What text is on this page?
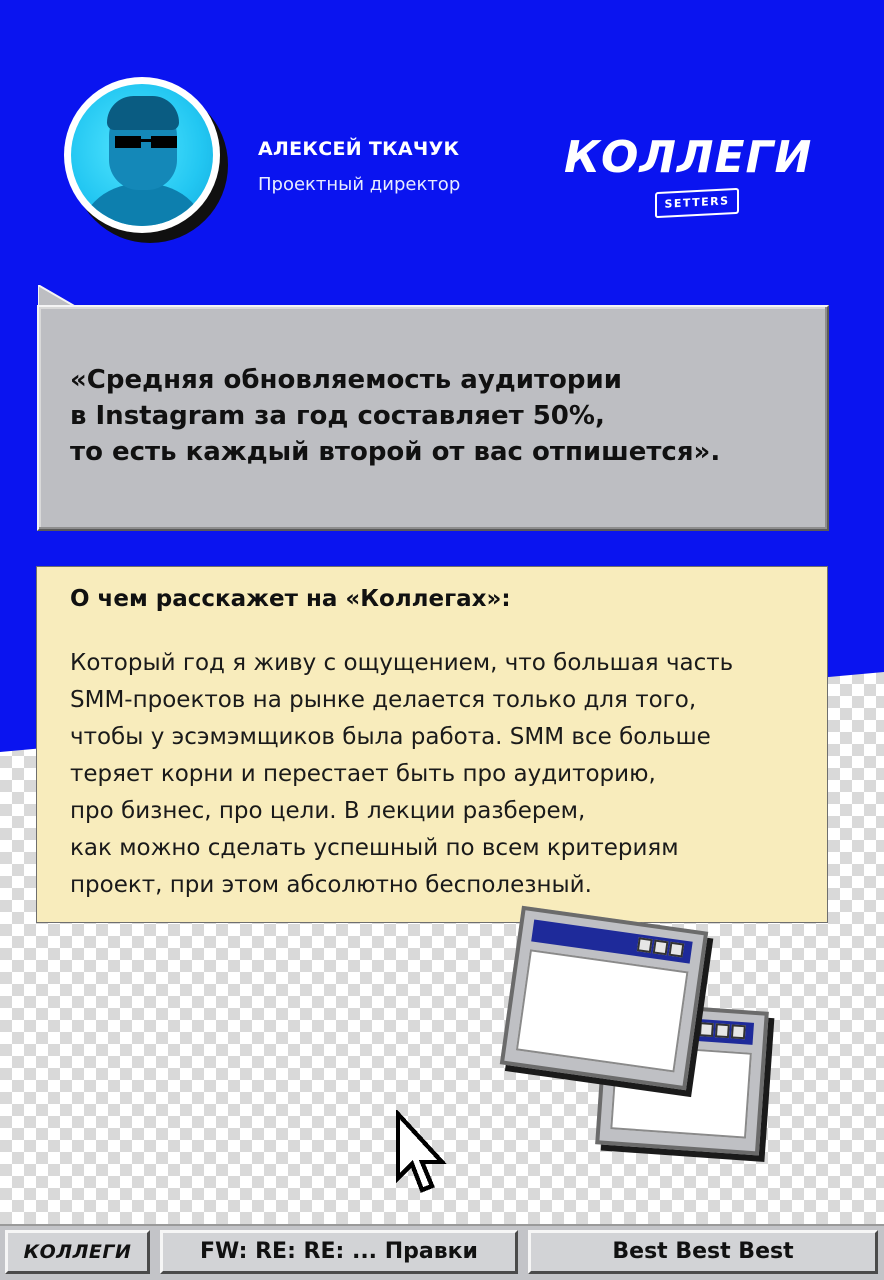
АЛЕКСЕЙ ТКАЧУК
Проектный директор
КОЛЛЕГИ
SETTERS
«Средняя обновляемость аудитории
в Instagram за год составляет 50%,
то есть каждый второй от вас отпишется».
О чем расскажет на «Коллегах»:
Который год я живу с ощущением, что большая часть
SMM-проектов на рынке делается только для того,
чтобы у эсэмэмщиков была работа. SMM все больше
теряет корни и перестает быть про аудиторию,
про бизнес, про цели. В лекции разберем,
как можно сделать успешный по всем критериям
проект, при этом абсолютно бесполезный.
КОЛЛЕГИ	FW: RE: RE: ... Правки	Best Best Best
